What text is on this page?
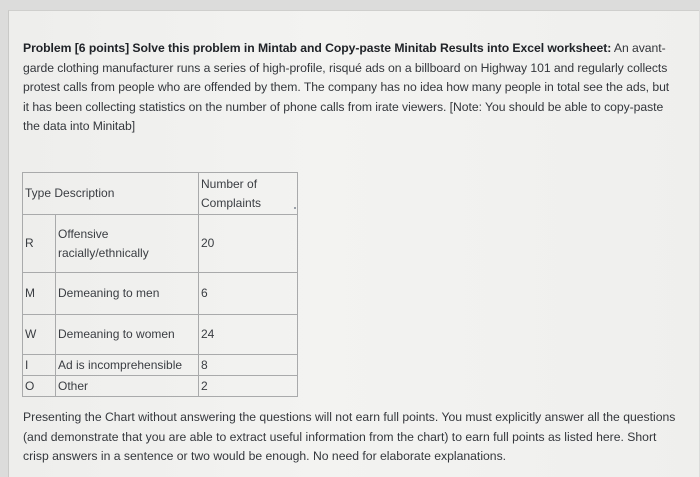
Problem [6 points] Solve this problem in Mintab and Copy-paste Minitab Results into Excel worksheet: An avant-garde clothing manufacturer runs a series of high-profile, risqué ads on a billboard on Highway 101 and regularly collects protest calls from people who are offended by them. The company has no idea how many people in total see the ads, but it has been collecting statistics on the number of phone calls from irate viewers. [Note: You should be able to copy-paste the data into Minitab]
Type Description		Number of Complaints

R	Offensive racially/ethnically	20
M	Demeaning to men	6
W	Demeaning to women	24
I	Ad is incomprehensible	8
O	Other	2
Presenting the Chart without answering the questions will not earn full points. You must explicitly answer all the questions (and demonstrate that you are able to extract useful information from the chart) to earn full points as listed here. Short crisp answers in a sentence or two would be enough. No need for elaborate explanations.
